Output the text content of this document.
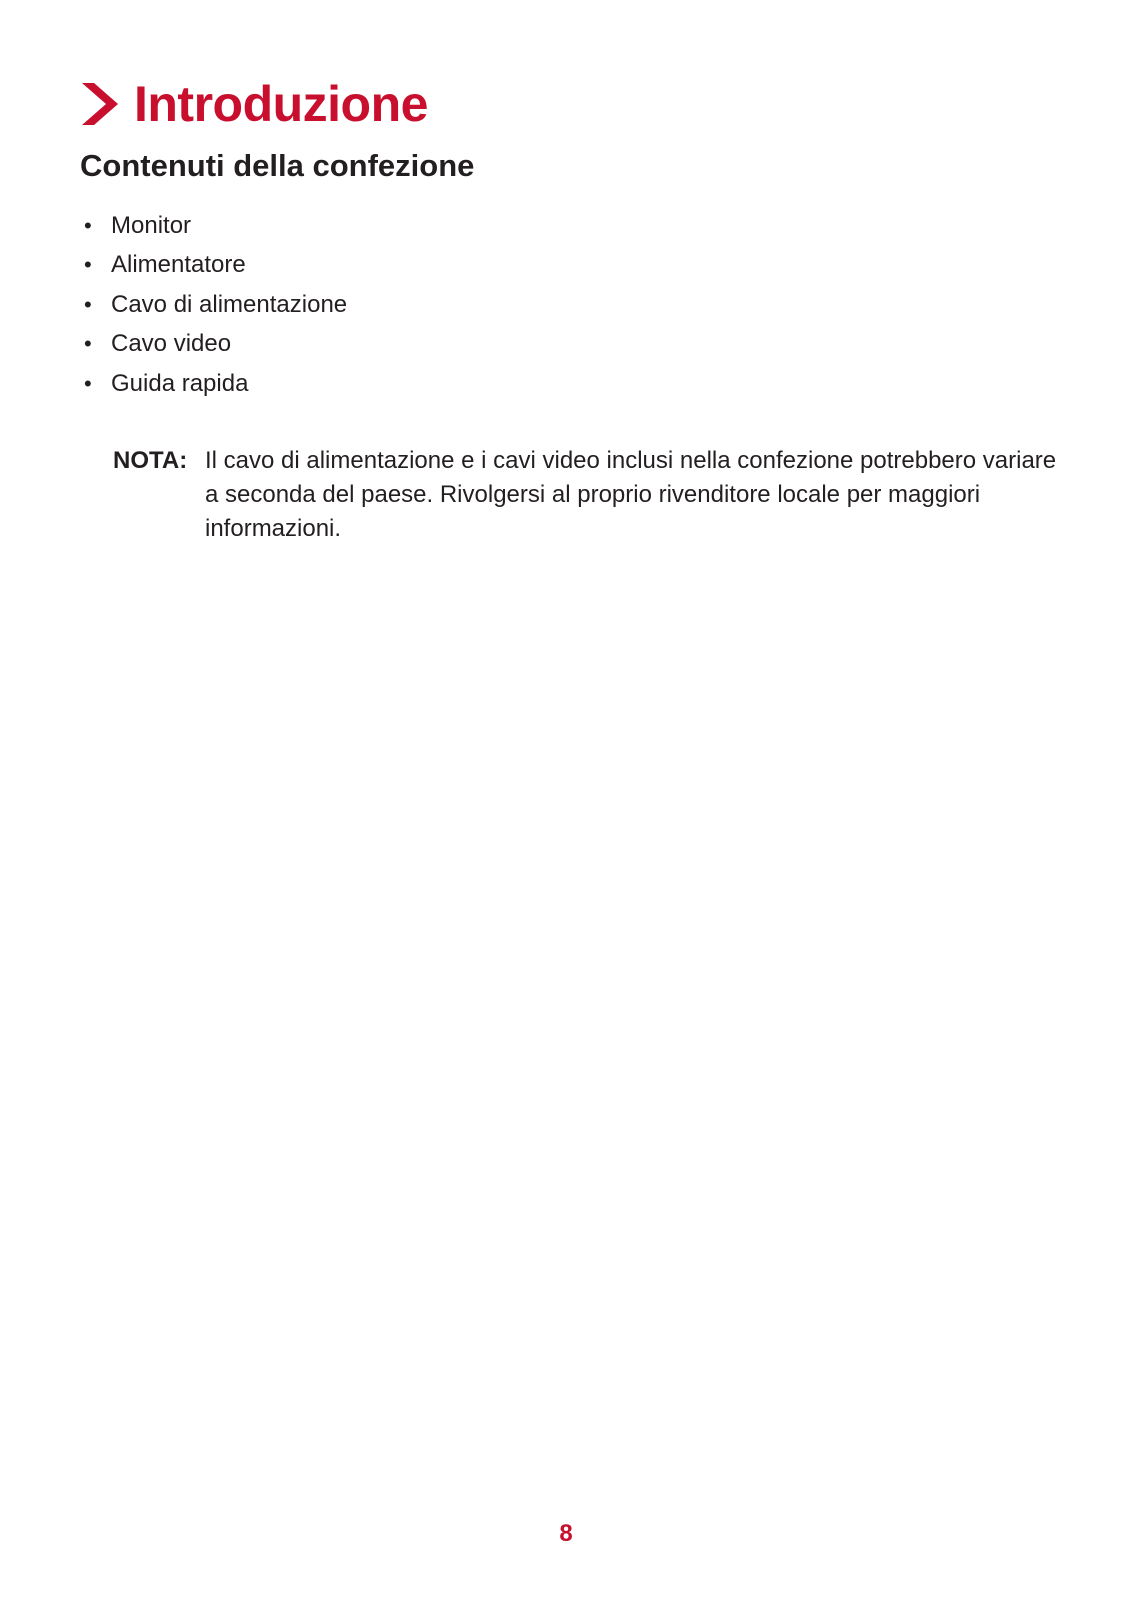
Introduzione
Contenuti della confezione
• Monitor
• Alimentatore
• Cavo di alimentazione
• Cavo video
• Guida rapida
NOTA: Il cavo di alimentazione e i cavi video inclusi nella confezione potrebbero variare a seconda del paese. Rivolgersi al proprio rivenditore locale per maggiori informazioni.
8
